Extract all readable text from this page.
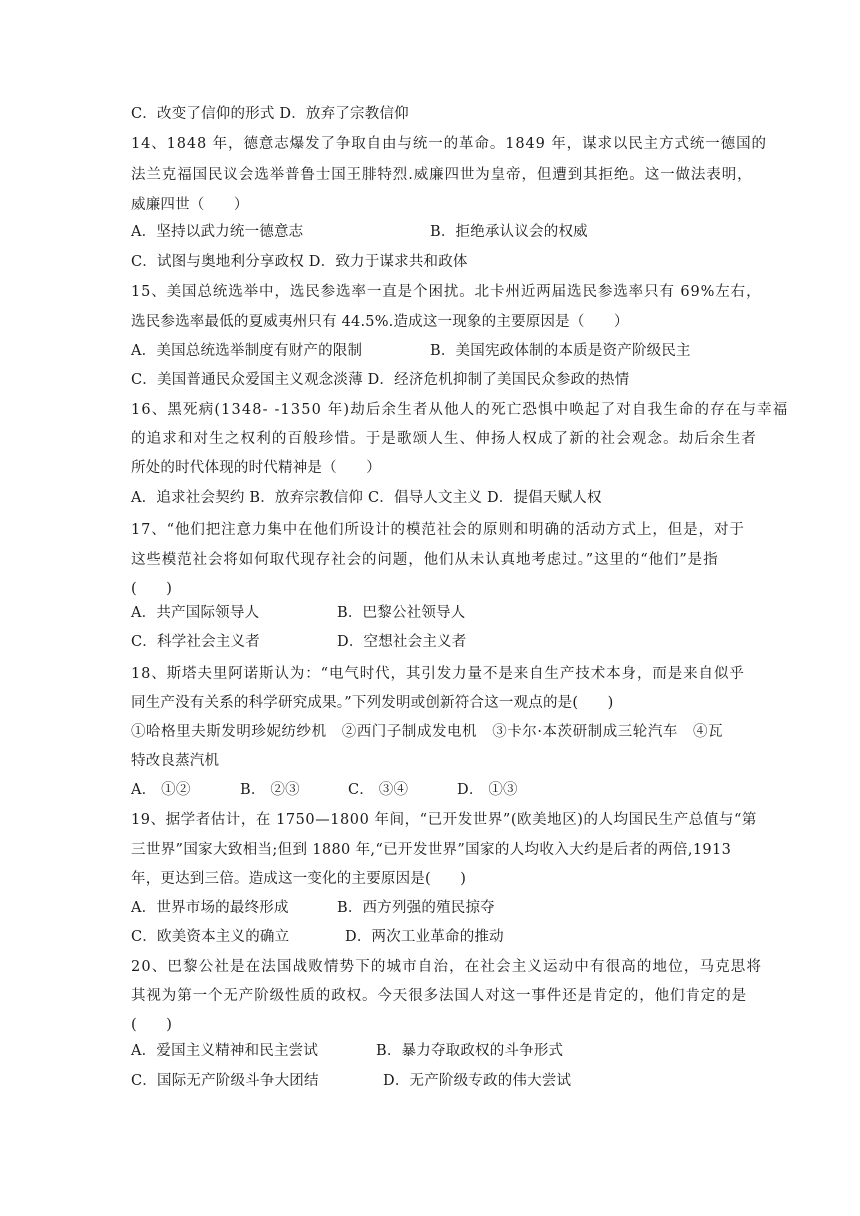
C．改变了信仰的形式 D．放弃了宗教信仰
14、1848 年，德意志爆发了争取自由与统一的革命。1849 年，谋求以民主方式统一德国的
法兰克福国民议会选举普鲁士国王腓特烈.威廉四世为皇帝，但遭到其拒绝。这一做法表明，
威廉四世（　　）
A．坚持以武力统一德意志	B．拒绝承认议会的权威
C．试图与奥地利分享政权 D．致力于谋求共和政体
15、美国总统选举中，选民参选率一直是个困扰。北卡州近两届选民参选率只有 69%左右，
选民参选率最低的夏威夷州只有 44.5%.造成这一现象的主要原因是（　　）
A．美国总统选举制度有财产的限制	B．美国宪政体制的本质是资产阶级民主
C．美国普通民众爱国主义观念淡薄 D．经济危机抑制了美国民众参政的热情
16、黑死病(1348- -1350 年)劫后余生者从他人的死亡恐惧中唤起了对自我生命的存在与幸福
的追求和对生之权利的百般珍惜。于是歌颂人生、伸扬人权成了新的社会观念。劫后余生者
所处的时代体现的时代精神是（　　）
A．追求社会契约 B．放弃宗教信仰 C．倡导人文主义 D．提倡天赋人权
17、“他们把注意力集中在他们所设计的模范社会的原则和明确的活动方式上，但是，对于
这些模范社会将如何取代现存社会的问题，他们从未认真地考虑过。”这里的“他们”是指
(　　)
A．共产国际领导人	B．巴黎公社领导人
C．科学社会主义者	D．空想社会主义者
18、斯塔夫里阿诺斯认为：“电气时代，其引发力量不是来自生产技术本身，而是来自似乎
同生产没有关系的科学研究成果。”下列发明或创新符合这一观点的是(　　)
①哈格里夫斯发明珍妮纺纱机　②西门子制成发电机　③卡尔·本茨研制成三轮汽车　④瓦
特改良蒸汽机
A． ①②	B． ②③	C． ③④	D． ①③
19、据学者估计，在 1750—1800 年间，“已开发世界”(欧美地区)的人均国民生产总值与“第
三世界”国家大致相当;但到 1880 年,“已开发世界”国家的人均收入大约是后者的两倍,1913
年，更达到三倍。造成这一变化的主要原因是(　　)
A．世界市场的最终形成	B．西方列强的殖民掠夺
C．欧美资本主义的确立	D．两次工业革命的推动
20、巴黎公社是在法国战败情势下的城市自治，在社会主义运动中有很高的地位，马克思将
其视为第一个无产阶级性质的政权。今天很多法国人对这一事件还是肯定的，他们肯定的是
(　　)
A．爱国主义精神和民主尝试	B．暴力夺取政权的斗争形式
C．国际无产阶级斗争大团结	D．无产阶级专政的伟大尝试
